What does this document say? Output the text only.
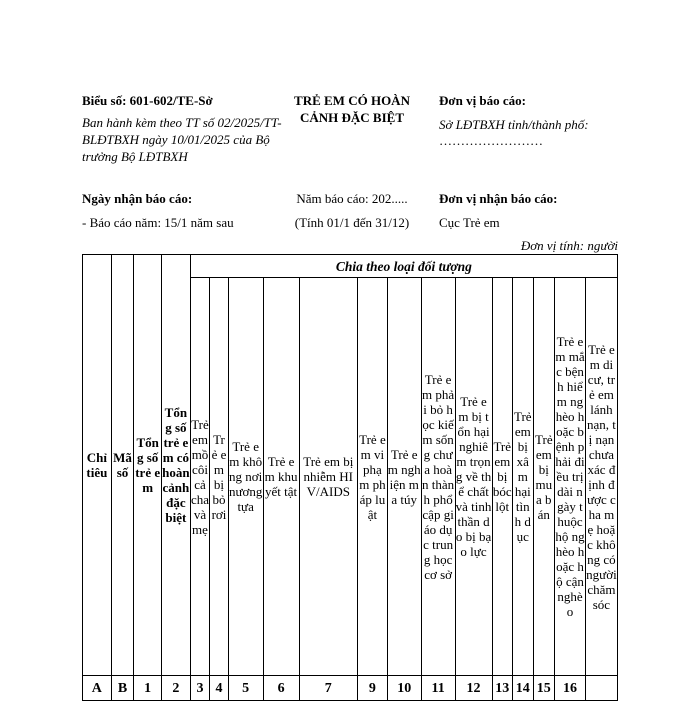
Biểu số: 601-602/TE-Sở
Ban hành kèm theo TT số 02/2025/TT- BLĐTBXH ngày 10/01/2025 của Bộ trưởng Bộ LĐTBXH
TRẺ EM CÓ HOÀN CẢNH ĐẶC BIỆT
Đơn vị báo cáo:
Sở LĐTBXH tỉnh/thành phố:
……………………
Ngày nhận báo cáo:
- Báo cáo năm: 15/1 năm sau
Năm báo cáo: 202.....
(Tính 01/1 đến 31/12)
Đơn vị nhận báo cáo:
Cục Trẻ em
Đơn vị tính: người
Chỉ tiêu	Mã số	Tổng số trẻ em	Tổng số trẻ em có hoàn cảnh đặc biệt	Chia theo loại đối tượng													

				Trẻ em mồ côi cả cha và mẹ	Trẻ em bị bỏ rơi	Trẻ em không nơi nương tựa	Trẻ em khuyết tật	Trẻ em bị nhiễm HIV/AIDS	Trẻ em vi phạm pháp luật	Trẻ em nghiện ma túy	Trẻ em phải bỏ học kiếm sống chưa hoàn thành phổ cập giáo dục trung học cơ sở	Trẻ em bị tổn hại nghiêm trọng về thể chất và tinh thần do bị bạo lực	Trẻ em bị bóc lột	Trẻ em bị xâm hại tình dục	Trẻ em bị mua bán	Trẻ em mắc bệnh hiểm nghèo hoặc bệnh phải điều trị dài ngày thuộc hộ nghèo hoặc hộ cận nghèo	Trẻ em di cư, trẻ em lánh nạn, tị nạn chưa xác định được cha mẹ hoặc không có người chăm sóc

A	B	1	2	3	4	5	6	7	9	10	11	12	13	14	15	16	
